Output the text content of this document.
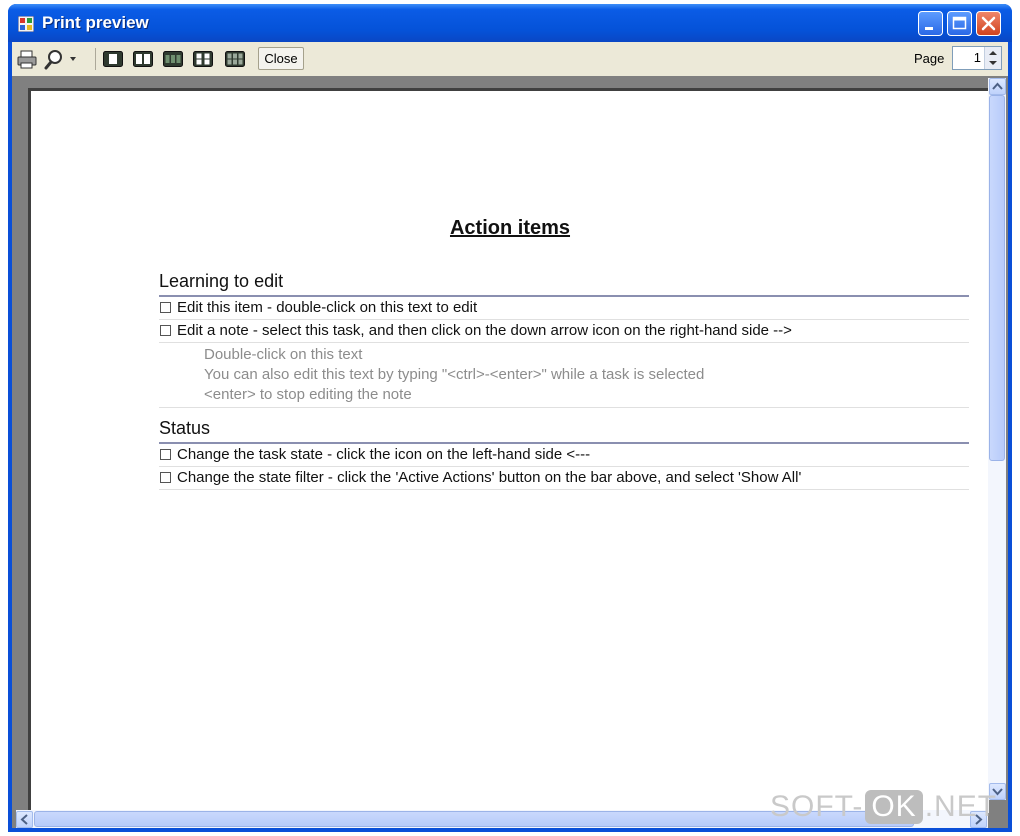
Print preview
Close	Page 1
Action items
Learning to edit
Edit this item - double-click on this text to edit
Edit a note - select this task, and then click on the down arrow icon on the right-hand side -->
Double-click on this text
You can also edit this text by typing "<ctrl>-<enter>" while a task is selected
<enter> to stop editing the note
Status
Change the task state - click the icon on the left-hand side <---
Change the state filter - click the 'Active Actions' button on the bar above, and select 'Show All'
SOFT- OK .NET
